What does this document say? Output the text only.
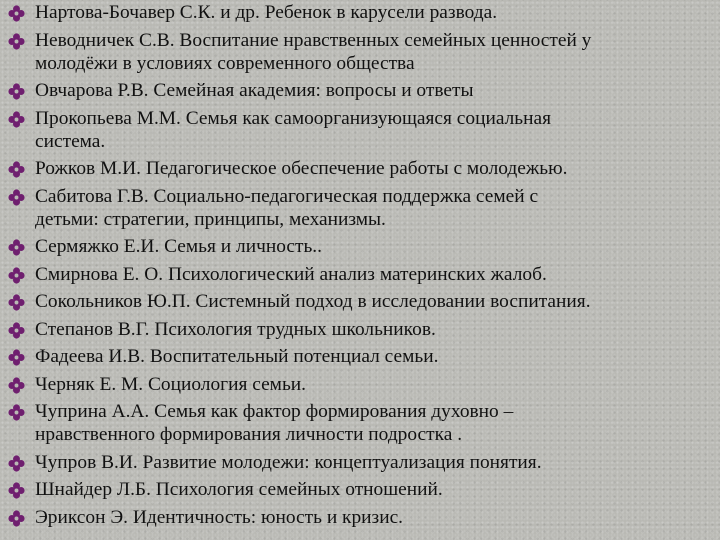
Нартова-Бочавер С.К. и др. Ребенок в карусели развода.
Неводничек С.В. Воспитание нравственных семейных ценностей у
молодёжи в условиях современного общества
Овчарова Р.В. Семейная академия: вопросы и ответы
Прокопьева М.М. Семья как самоорганизующаяся социальная
система.
Рожков М.И. Педагогическое обеспечение работы с молодежью.
Сабитова Г.В. Социально-педагогическая поддержка семей с
детьми: стратегии, принципы, механизмы.
Сермяжко Е.И. Семья и личность..
Смирнова Е. О. Психологический анализ материнских жалоб.
Сокольников Ю.П. Системный подход в исследовании воспитания.
Степанов В.Г. Психология трудных школьников.
Фадеева И.В. Воспитательный потенциал семьи.
Черняк Е. М. Социология семьи.
Чуприна А.А. Семья как фактор формирования духовно –
нравственного формирования личности подростка .
Чупров В.И. Развитие молодежи: концептуализация понятия.
Шнайдер Л.Б. Психология семейных отношений.
Эриксон Э. Идентичность: юность и кризис.
